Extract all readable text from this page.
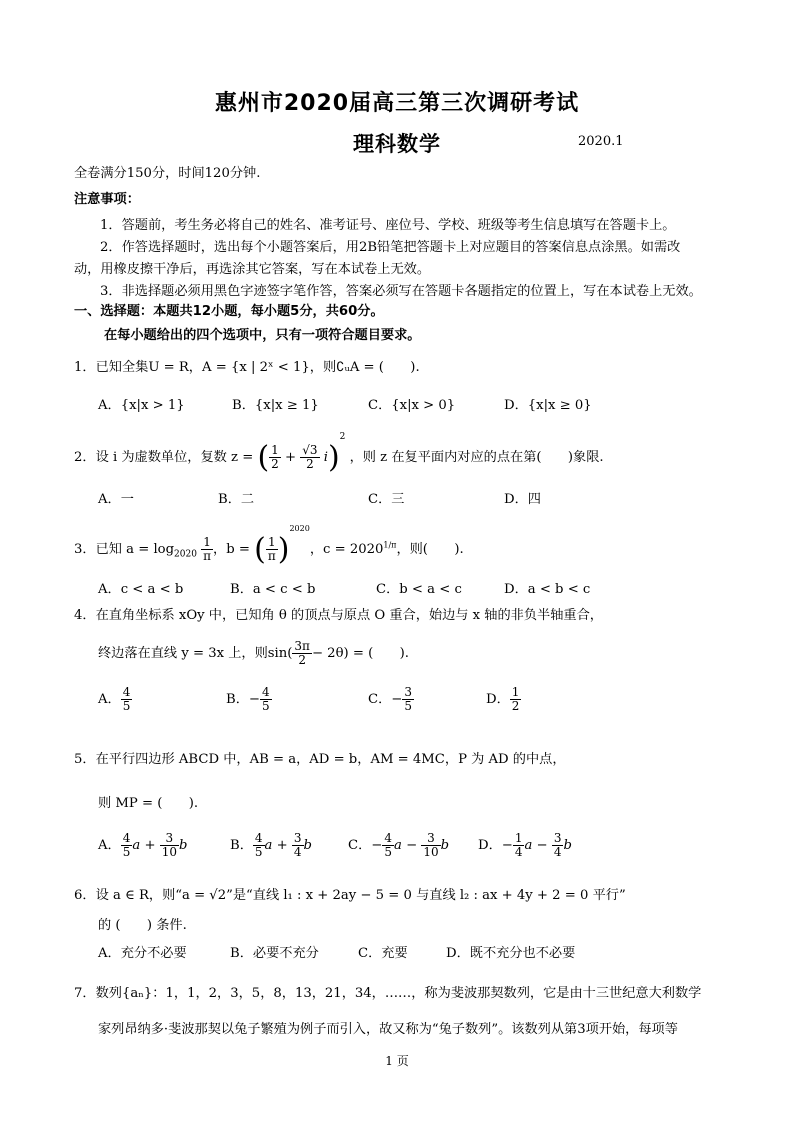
惠州市2020届高三第三次调研考试
理科数学	2020.1
全卷满分150分，时间120分钟.
注意事项：
1．答题前，考生务必将自己的姓名、准考证号、座位号、学校、班级等考生信息填写在答题卡上。
2．作答选择题时，选出每个小题答案后，用2B铅笔把答题卡上对应题目的答案信息点涂黑。如需改
动，用橡皮擦干净后，再选涂其它答案，写在本试卷上无效。
3．非选择题必须用黑色字迹签字笔作答，答案必须写在答题卡各题指定的位置上，写在本试卷上无效。
一、选择题：本题共12小题，每小题5分，共60分。
在每小题给出的四个选项中，只有一项符合题目要求。
1．已知全集U = R，A = {x | 2ˣ < 1}，则∁ᵤA = (　　).
A．{x|x > 1}	B．{x|x ≥ 1}	C．{x|x > 0}	D．{x|x ≥ 0}
2．设 i 为虚数单位，复数 z = ( $\frac{1}{2} + \frac{√3}{2} i)^2$ ，则 z 在复平面内对应的点在第(　　)象限.
A．一	B．二	C．三	D．四
3．已知 $a = \log_{2020} \frac{1}{\pi}$ ，b = ( $\frac{1}{\pi} )^{2020}$，$c = 2020^{1/\pi}$，则(　　).
A．c < a < b	B．a < c < b	C．b < a < c	D．a < b < c
4．在直角坐标系 xOy 中，已知角 θ 的顶点与原点 O 重合，始边与 x 轴的非负半轴重合，
终边落在直线 y = 3x 上，则$\sin( \frac{3\pi}{2} - 2\theta)$ = (　　).
A． $\frac{4}{5}$	B．− $\frac{4}{5}$	C．− $\frac{3}{5}$	D． $\frac{1}{2}$
5．在平行四边形 ABCD 中，AB = a，AD = b，AM = 4MC，P 为 AD 的中点，
则 MP = (　　).
A． $\frac{4}{5}$ $a + \frac{3}{10}$ b	B． $\frac{4}{5}$ $a + \frac{3}{4}$ b	C．− $\frac{4}{5}$ $a - \frac{3}{10}$ b D．− $\frac{1}{4}$ $a - \frac{3}{4}$ b
6．设 a ∈ R，则“a = √2”是“直线 l₁ : x + 2ay − 5 = 0 与直线 l₂ : ax + 4y + 2 = 0 平行”
的 (　　) 条件.
A．充分不必要	B．必要不充分	C．充要	D．既不充分也不必要
7．数列{aₙ}：1，1，2，3，5，8，13，21，34，……，称为斐波那契数列，它是由十三世纪意大利数学
家列昂纳多·斐波那契以兔子繁殖为例子而引入，故又称为“兔子数列”。该数列从第3项开始，每项等
1 页
